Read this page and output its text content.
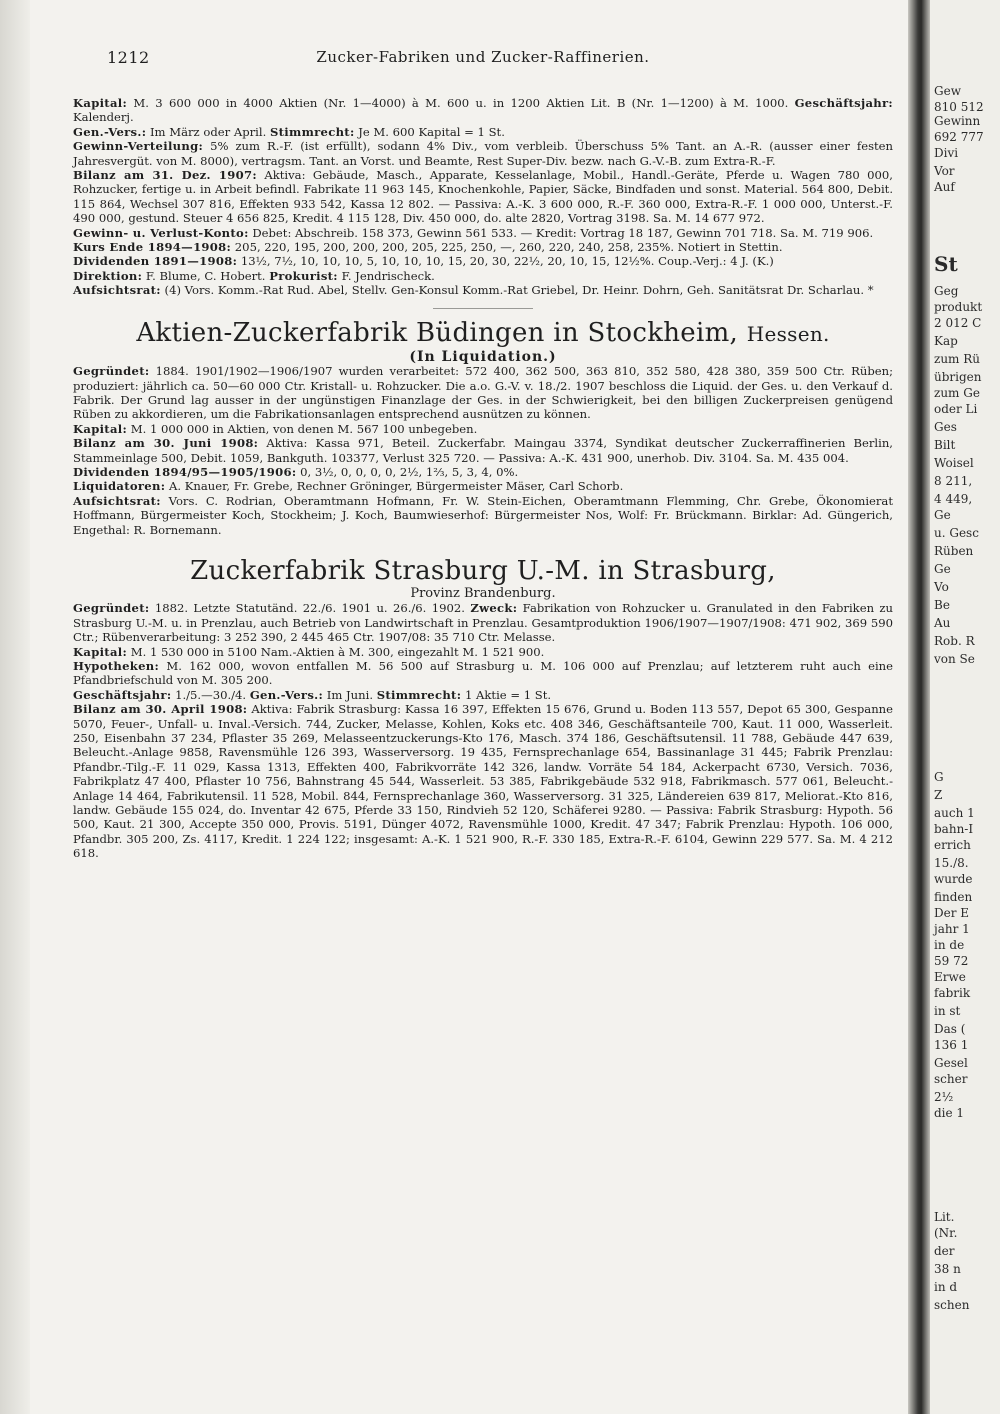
Gew
810 512
Gewinn
692 777
Divi
Vor
Auf
St
Geg
produkt
2 012 C
Kap
zum Rü
übrigen
zum Ge
oder Li
Ges
Bilt
Woisel
8 211,
4 449,
Ge
u. Gesc
Rüben
Ge
Vo
Be
Au
Rob. R
von Se
G
Z
auch 1
bahn-I
errich
15./8.
wurde
finden
Der E
jahr 1
in de
59 72
Erwe
fabrik
in st
Das (
136 1
Gesel
scher
2½
die 1
Lit.
(Nr.
der
38 n
in d
schen
1212	Zucker-Fabriken und Zucker-Raffinerien.

Kapital: M. 3 600 000 in 4000 Aktien (Nr. 1—4000) à M. 600 u. in 1200 Aktien Lit. B (Nr. 1—1200) à M. 1000. Geschäftsjahr: Kalenderj.

Gen.-Vers.: Im März oder April. Stimmrecht: Je M. 600 Kapital = 1 St.

Gewinn-Verteilung: 5% zum R.-F. (ist erfüllt), sodann 4% Div., vom verbleib. Überschuss 5% Tant. an A.-R. (ausser einer festen Jahresvergüt. von M. 8000), vertragsm. Tant. an Vorst. und Beamte, Rest Super-Div. bezw. nach G.-V.-B. zum Extra-R.-F.

Bilanz am 31. Dez. 1907: Aktiva: Gebäude, Masch., Apparate, Kesselanlage, Mobil., Handl.-Geräte, Pferde u. Wagen 780 000, Rohzucker, fertige u. in Arbeit befindl. Fabrikate 11 963 145, Knochenkohle, Papier, Säcke, Bindfaden und sonst. Material. 564 800, Debit. 115 864, Wechsel 307 816, Effekten 933 542, Kassa 12 802. — Passiva: A.-K. 3 600 000, R.-F. 360 000, Extra-R.-F. 1 000 000, Unterst.-F. 490 000, gestund. Steuer 4 656 825, Kredit. 4 115 128, Div. 450 000, do. alte 2820, Vortrag 3198. Sa. M. 14 677 972.

Gewinn- u. Verlust-Konto: Debet: Abschreib. 158 373, Gewinn 561 533. — Kredit: Vortrag 18 187, Gewinn 701 718. Sa. M. 719 906.

Kurs Ende 1894—1908: 205, 220, 195, 200, 200, 200, 205, 225, 250, —, 260, 220, 240, 258, 235%. Notiert in Stettin.

Dividenden 1891—1908: 13½, 7½, 10, 10, 10, 5, 10, 10, 10, 15, 20, 30, 22½, 20, 10, 15, 12½%. Coup.-Verj.: 4 J. (K.)

Direktion: F. Blume, C. Hobert. Prokurist: F. Jendrischeck.

Aufsichtsrat: (4) Vors. Komm.-Rat Rud. Abel, Stellv. Gen-Konsul Komm.-Rat Griebel, Dr. Heinr. Dohrn, Geh. Sanitätsrat Dr. Scharlau. *

Aktien-Zuckerfabrik Büdingen in Stockheim, Hessen.

(In Liquidation.)

Gegründet: 1884. 1901/1902—1906/1907 wurden verarbeitet: 572 400, 362 500, 363 810, 352 580, 428 380, 359 500 Ctr. Rüben; produziert: jährlich ca. 50—60 000 Ctr. Kristall- u. Rohzucker. Die a.o. G.-V. v. 18./2. 1907 beschloss die Liquid. der Ges. u. den Verkauf d. Fabrik. Der Grund lag ausser in der ungünstigen Finanzlage der Ges. in der Schwierigkeit, bei den billigen Zuckerpreisen genügend Rüben zu akkordieren, um die Fabrikationsanlagen entsprechend ausnützen zu können.

Kapital: M. 1 000 000 in Aktien, von denen M. 567 100 unbegeben.

Bilanz am 30. Juni 1908: Aktiva: Kassa 971, Beteil. Zuckerfabr. Maingau 3374, Syndikat deutscher Zuckerraffinerien Berlin, Stammeinlage 500, Debit. 1059, Bankguth. 103377, Verlust 325 720. — Passiva: A.-K. 431 900, unerhob. Div. 3104. Sa. M. 435 004.

Dividenden 1894/95—1905/1906: 0, 3½, 0, 0, 0, 0, 2½, 1⅔, 5, 3, 4, 0%.

Liquidatoren: A. Knauer, Fr. Grebe, Rechner Gröninger, Bürgermeister Mäser, Carl Schorb.

Aufsichtsrat: Vors. C. Rodrian, Oberamtmann Hofmann, Fr. W. Stein-Eichen, Oberamtmann Flemming, Chr. Grebe, Ökonomierat Hoffmann, Bürgermeister Koch, Stockheim; J. Koch, Baumwieserhof: Bürgermeister Nos, Wolf: Fr. Brückmann. Birklar: Ad. Güngerich, Engethal: R. Bornemann.

Zuckerfabrik Strasburg U.-M. in Strasburg,

Provinz Brandenburg.

Gegründet: 1882. Letzte Statutänd. 22./6. 1901 u. 26./6. 1902. Zweck: Fabrikation von Rohzucker u. Granulated in den Fabriken zu Strasburg U.-M. u. in Prenzlau, auch Betrieb von Landwirtschaft in Prenzlau. Gesamtproduktion 1906/1907—1907/1908: 471 902, 369 590 Ctr.; Rübenverarbeitung: 3 252 390, 2 445 465 Ctr. 1907/08: 35 710 Ctr. Melasse.

Kapital: M. 1 530 000 in 5100 Nam.-Aktien à M. 300, eingezahlt M. 1 521 900.

Hypotheken: M. 162 000, wovon entfallen M. 56 500 auf Strasburg u. M. 106 000 auf Prenzlau; auf letzterem ruht auch eine Pfandbriefschuld von M. 305 200.

Geschäftsjahr: 1./5.—30./4. Gen.-Vers.: Im Juni. Stimmrecht: 1 Aktie = 1 St.

Bilanz am 30. April 1908: Aktiva: Fabrik Strasburg: Kassa 16 397, Effekten 15 676, Grund u. Boden 113 557, Depot 65 300, Gespanne 5070, Feuer-, Unfall- u. Inval.-Versich. 744, Zucker, Melasse, Kohlen, Koks etc. 408 346, Geschäftsanteile 700, Kaut. 11 000, Wasserleit. 250, Eisenbahn 37 234, Pflaster 35 269, Melasseentzuckerungs-Kto 176, Masch. 374 186, Geschäftsutensil. 11 788, Gebäude 447 639, Beleucht.-Anlage 9858, Ravensmühle 126 393, Wasserversorg. 19 435, Fernsprechanlage 654, Bassinanlage 31 445; Fabrik Prenzlau: Pfandbr.-Tilg.-F. 11 029, Kassa 1313, Effekten 400, Fabrikvorräte 142 326, landw. Vorräte 54 184, Ackerpacht 6730, Versich. 7036, Fabrikplatz 47 400, Pflaster 10 756, Bahnstrang 45 544, Wasserleit. 53 385, Fabrikgebäude 532 918, Fabrikmasch. 577 061, Beleucht.-Anlage 14 464, Fabrikutensil. 11 528, Mobil. 844, Fernsprechanlage 360, Wasserversorg. 31 325, Ländereien 639 817, Meliorat.-Kto 816, landw. Gebäude 155 024, do. Inventar 42 675, Pferde 33 150, Rindvieh 52 120, Schäferei 9280. — Passiva: Fabrik Strasburg: Hypoth. 56 500, Kaut. 21 300, Accepte 350 000, Provis. 5191, Dünger 4072, Ravensmühle 1000, Kredit. 47 347; Fabrik Prenzlau: Hypoth. 106 000, Pfandbr. 305 200, Zs. 4117, Kredit. 1 224 122; insgesamt: A.-K. 1 521 900, R.-F. 330 185, Extra-R.-F. 6104, Gewinn 229 577. Sa. M. 4 212 618.
